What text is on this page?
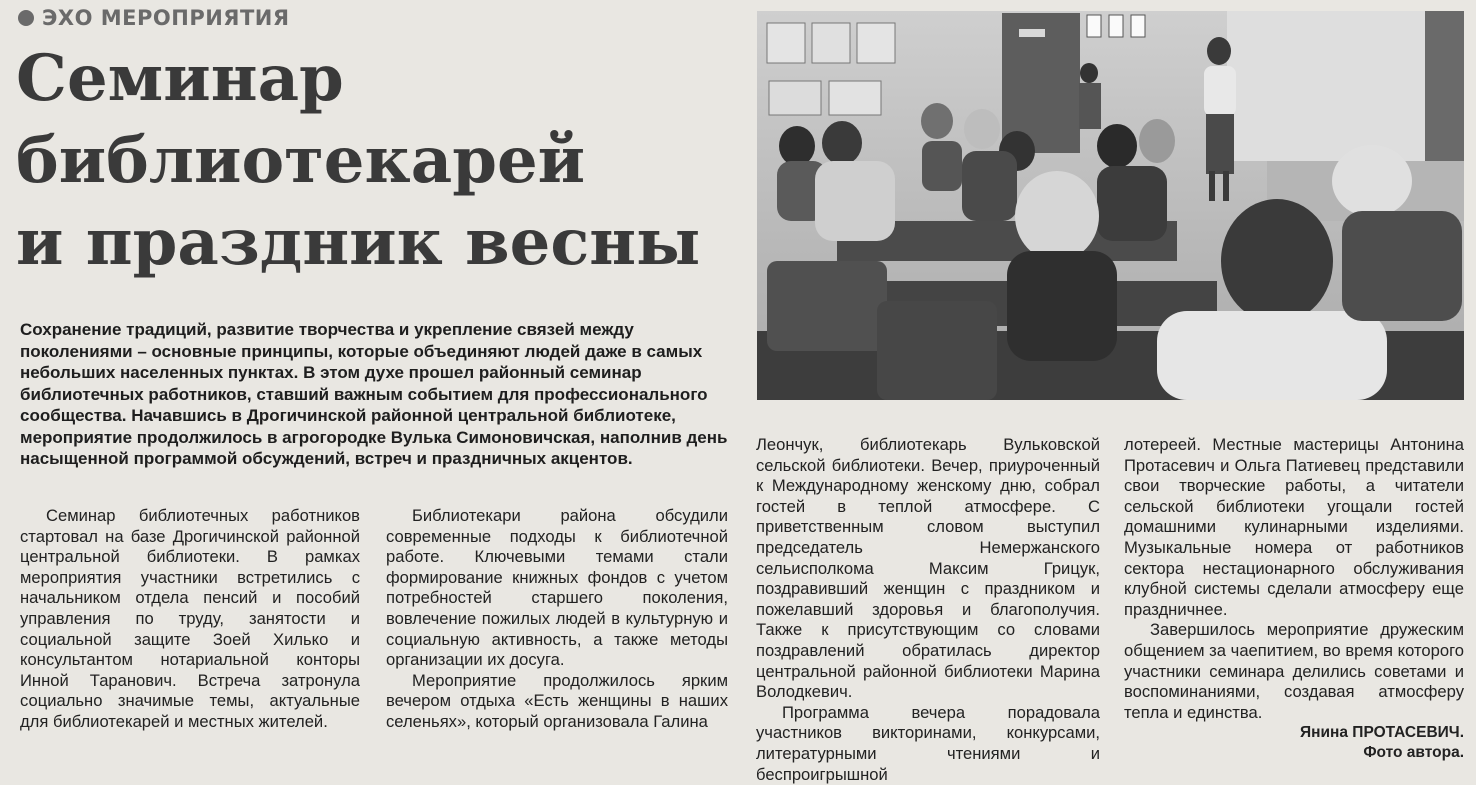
ЭХО МЕРОПРИЯТИЯ
Семинар
библиотекарей
и праздник весны

Сохранение традиций, развитие творчества и укрепление связей между поколениями – основные принципы, которые объединяют людей даже в самых небольших населенных пунктах. В этом духе прошел районный семинар библиотечных работников, ставший важным событием для профессионального сообщества. Начавшись в Дрогичинской районной центральной библиотеке, мероприятие продолжилось в агрогородке Вулька Симоновичская, наполнив день насыщенной программой обсуждений, встреч и праздничных акцентов.

Семинар библиотечных работников стартовал на базе Дрогичинской районной центральной библиотеки. В рамках мероприятия участники встретились с начальником отдела пенсий и пособий управления по труду, занятости и социальной защите Зоей Хилько и консультантом нотариальной конторы Инной Таранович. Встреча затронула социально значимые темы, актуальные для библиотекарей и местных жителей.

Библиотекари района обсудили современные подходы к библиотечной работе. Ключевыми темами стали формирование книжных фондов с учетом потребностей старшего поколения, вовлечение пожилых людей в культурную и социальную активность, а также методы организации их досуга.

Мероприятие продолжилось ярким вечером отдыха «Есть женщины в наших селеньях», который организовала Галина

Леончук, библиотекарь Вульковской сельской библиотеки. Вечер, приуроченный к Международному женскому дню, собрал гостей в теплой атмосфере. С приветственным словом выступил председатель Немержанского сельисполкома Максим Грицук, поздравивший женщин с праздником и пожелавший здоровья и благополучия. Также к присутствующим со словами поздравлений обратилась директор центральной районной библиотеки Марина Володкевич.

Программа вечера порадовала участников викторинами, конкурсами, литературными чтениями и беспроигрышной

лотереей. Местные мастерицы Антонина Протасевич и Ольга Патиевец представили свои творческие работы, а читатели сельской библиотеки угощали гостей домашними кулинарными изделиями. Музыкальные номера от работников сектора нестационарного обслуживания клубной системы сделали атмосферу еще праздничнее.

Завершилось мероприятие дружеским общением за чаепитием, во время которого участники семинара делились советами и воспоминаниями, создавая атмосферу тепла и единства.

Янина ПРОТАСЕВИЧ.

Фото автора.
